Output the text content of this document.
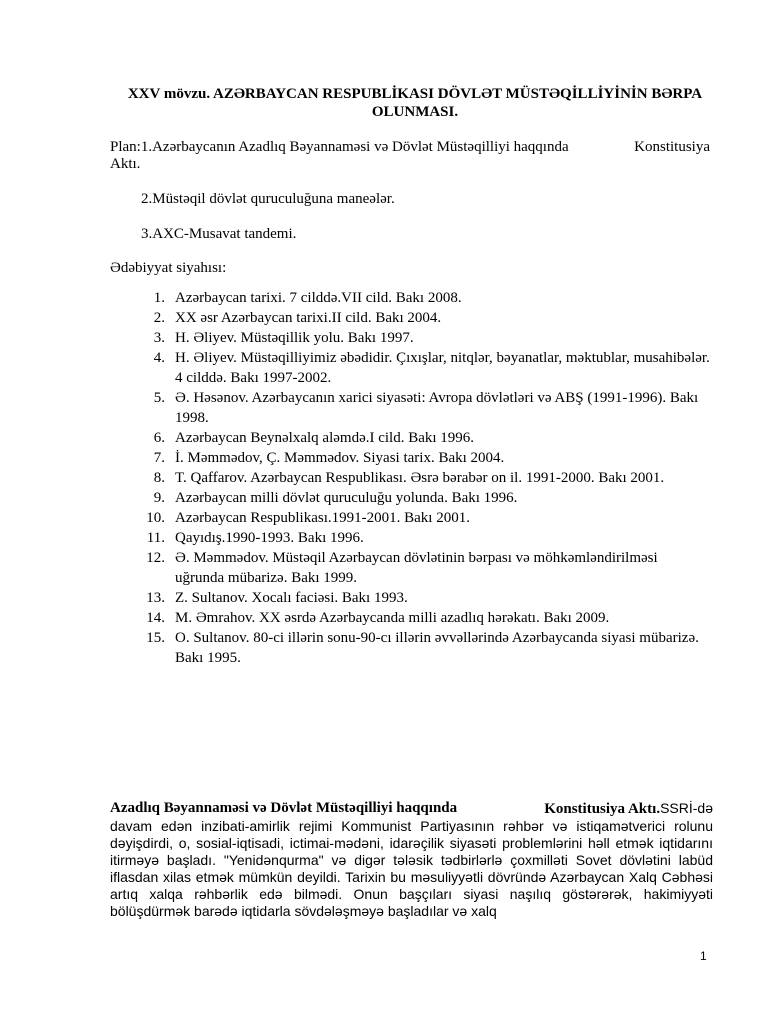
XXV mövzu. AZƏRBAYCAN RESPUBLİKASI DÖVLƏT MÜSTƏQİLLİYİNİN BƏRPA OLUNMASI.
Plan:1.Azərbaycanın Azadlıq Bəyannaməsi və Dövlət Müstəqilliyi haqqında	Konstitusiya
Aktı.
2.Müstəqil dövlət quruculuğuna maneələr.
3.AXC-Musavat tandemi.
Ədəbiyyat siyahısı:
1. Azərbaycan tarixi. 7 cilddə.VII cild. Bakı 2008.
2. XX əsr Azərbaycan tarixi.II cild. Bakı 2004.
3. H. Əliyev. Müstəqillik yolu. Bakı 1997.
4. H. Əliyev. Müstəqilliyimiz əbədidir. Çıxışlar, nitqlər, bəyanatlar, məktublar, musahibələr. 4 cilddə. Bakı 1997-2002.
5. Ə. Həsənov. Azərbaycanın xarici siyasəti: Avropa dövlətləri və ABŞ (1991-1996). Bakı 1998.
6. Azərbaycan Beynəlxalq aləmdə.I cild. Bakı 1996.
7. İ. Məmmədov, Ç. Məmmədov. Siyasi tarix. Bakı 2004.
8. T. Qaffarov. Azərbaycan Respublikası. Əsrə bərabər on il. 1991-2000. Bakı 2001.
9. Azərbaycan milli dövlət quruculuğu yolunda. Bakı 1996.
10. Azərbaycan Respublikası.1991-2001. Bakı 2001.
11. Qayıdış.1990-1993. Bakı 1996.
12. Ə. Məmmədov. Müstəqil Azərbaycan dövlətinin bərpası və möhkəmləndirilməsi uğrunda mübarizə. Bakı 1999.
13. Z. Sultanov. Xocalı faciəsi. Bakı 1993.
14. M. Əmrahov. XX əsrdə Azərbaycanda milli azadlıq hərəkatı. Bakı 2009.
15. O. Sultanov. 80-ci illərin sonu-90-cı illərin əvvəllərində Azərbaycanda siyasi mübarizə. Bakı 1995.
Azadlıq Bəyannaməsi və Dövlət Müstəqilliyi haqqında	Konstitusiya Aktı.SSRİ-də
davam edən inzibati-amirlik rejimi Kommunist Partiyasının rəhbər və istiqamətverici rolunu dəyişdirdi, o, sosial-iqtisadi, ictimai-mədəni, idarəçilik siyasəti problemlərini həll etmək iqtidarını itirməyə başladı. "Yenidənqurma" və digər tələsik tədbirlərlə çoxmilləti Sovet dövlətini labüd iflasdan xilas etmək mümkün deyildi. Tarixin bu məsuliyyətli dövründə Azərbaycan Xalq Cəbhəsi artıq xalqa rəhbərlik edə bilmədi. Onun başçıları siyasi naşılıq göstərərək, hakimiyyəti bölüşdürmək barədə iqtidarla sövdələşməyə başladılar və xalq
1
